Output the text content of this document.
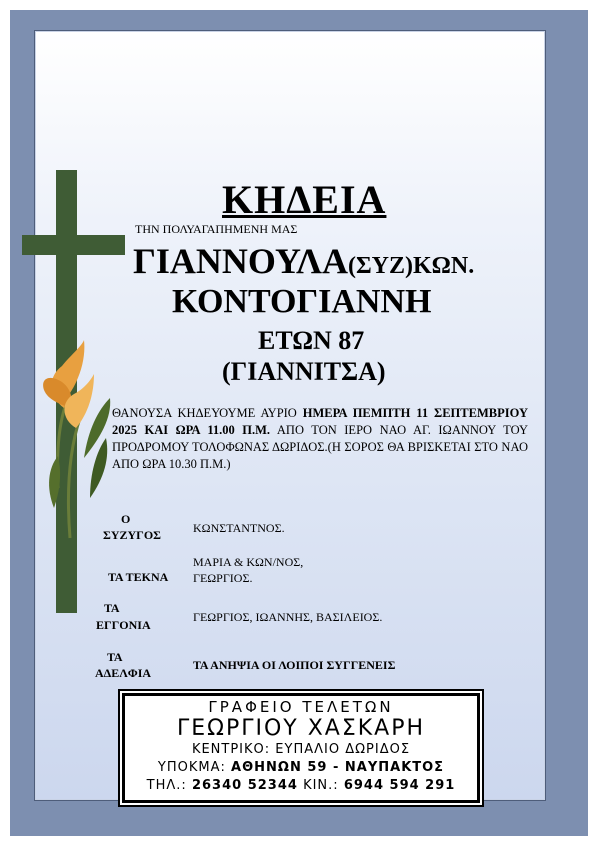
ΚΗΔΕΙΑ
ΤΗΝ ΠΟΛΥΑΓΑΠΗΜΕΝΗ ΜΑΣ
ΓΙΑΝΝΟΥΛΑ(ΣΥΖ)ΚΩΝ.
ΚΟΝΤΟΓΙΑΝΝΗ
ΕΤΩΝ 87
(ΓΙΑΝΝΙΤΣΑ)
ΘΑΝΟΥΣΑ ΚΗΔΕΥΟΥΜΕ ΑΥΡΙΟ ΗΜΕΡΑ ΠΕΜΠΤΗ 11 ΣΕΠΤΕΜΒΡΙΟΥ 2025 ΚΑΙ ΩΡΑ 11.00 Π.Μ. ΑΠΟ ΤΟΝ ΙΕΡΟ ΝΑΟ ΑΓ. ΙΩΑΝΝΟΥ ΤΟΥ ΠΡΟΔΡΟΜΟΥ ΤΟΛΟΦΩΝΑΣ ΔΩΡΙΔΟΣ.(Η ΣΟΡΟΣ ΘΑ ΒΡΙΣΚΕΤΑΙ ΣΤΟ ΝΑΟ ΑΠΟ ΩΡΑ 10.30 Π.Μ.)
Ο
ΣΥΖΥΓΟΣ	ΚΩΝΣΤΑΝΤΝΟΣ.
ΤΑ ΤΕΚΝΑ
ΜΑΡΙΑ & ΚΩΝ/ΝΟΣ,
ΓΕΩΡΓΙΟΣ.
ΤΑ
ΕΓΓΟΝΙΑ
ΓΕΩΡΓΙΟΣ, ΙΩΑΝΝΗΣ, ΒΑΣΙΛΕΙΟΣ.
ΤΑ
ΑΔΕΛΦΙΑ
ΤΑ ΑΝΗΨΙΑ ΟΙ ΛΟΙΠΟΙ ΣΥΓΓΕΝΕΙΣ
ΓΡΑΦΕΙΟ ΤΕΛΕΤΩΝ
ΓΕΩΡΓΙΟΥ ΧΑΣΚΑΡΗ
ΚΕΝΤΡΙΚΟ: ΕΥΠΑΛΙΟ ΔΩΡΙΔΟΣ
ΥΠΟΚΜΑ: ΑΘΗΝΩΝ 59 - ΝΑΥΠΑΚΤΟΣ
ΤΗΛ.: 26340 52344 ΚΙΝ.: 6944 594 291
